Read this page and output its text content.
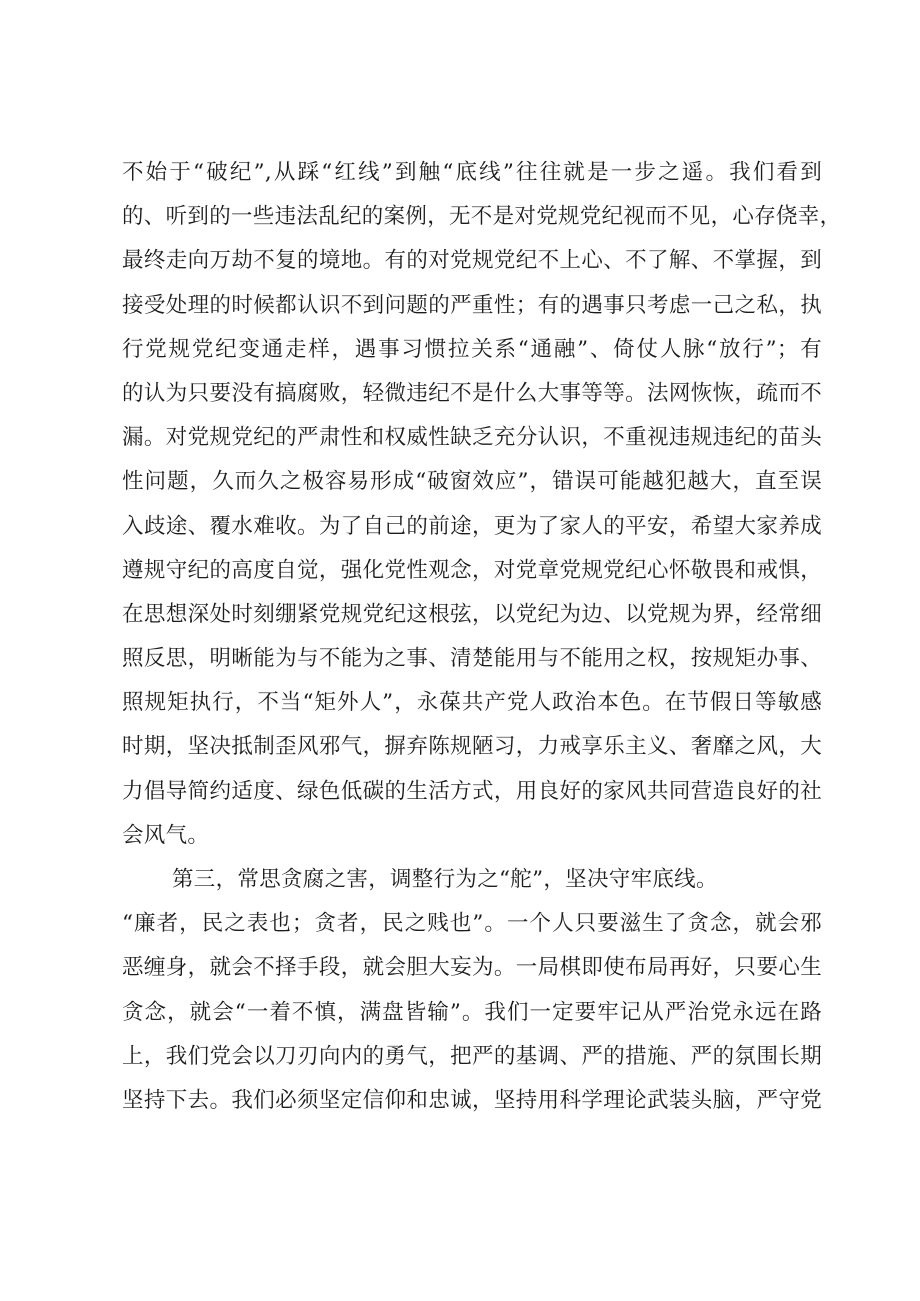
不始于“破纪”,从踩“红线”到触“底线”往往就是一步之遥。我们看到
的、听到的一些违法乱纪的案例，无不是对党规党纪视而不见，心存侥幸，
最终走向万劫不复的境地。有的对党规党纪不上心、不了解、不掌握，到
接受处理的时候都认识不到问题的严重性；有的遇事只考虑一己之私，执
行党规党纪变通走样，遇事习惯拉关系“通融”、倚仗人脉“放行”；有
的认为只要没有搞腐败，轻微违纪不是什么大事等等。法网恢恢，疏而不
漏。对党规党纪的严肃性和权威性缺乏充分认识，不重视违规违纪的苗头
性问题，久而久之极容易形成“破窗效应”，错误可能越犯越大，直至误
入歧途、覆水难收。为了自己的前途，更为了家人的平安，希望大家养成
遵规守纪的高度自觉，强化党性观念，对党章党规党纪心怀敬畏和戒惧，
在思想深处时刻绷紧党规党纪这根弦，以党纪为边、以党规为界，经常细
照反思，明晰能为与不能为之事、清楚能用与不能用之权，按规矩办事、
照规矩执行，不当“矩外人”，永葆共产党人政治本色。在节假日等敏感
时期，坚决抵制歪风邪气，摒弃陈规陋习，力戒享乐主义、奢靡之风，大
力倡导简约适度、绿色低碳的生活方式，用良好的家风共同营造良好的社
会风气。
第三，常思贪腐之害，调整行为之“舵”，坚决守牢底线。
“廉者，民之表也；贪者，民之贱也”。一个人只要滋生了贪念，就会邪
恶缠身，就会不择手段，就会胆大妄为。一局棋即使布局再好，只要心生
贪念，就会“一着不慎，满盘皆输”。我们一定要牢记从严治党永远在路
上，我们党会以刀刃向内的勇气，把严的基调、严的措施、严的氛围长期
坚持下去。我们必须坚定信仰和忠诚，坚持用科学理论武装头脑，严守党
